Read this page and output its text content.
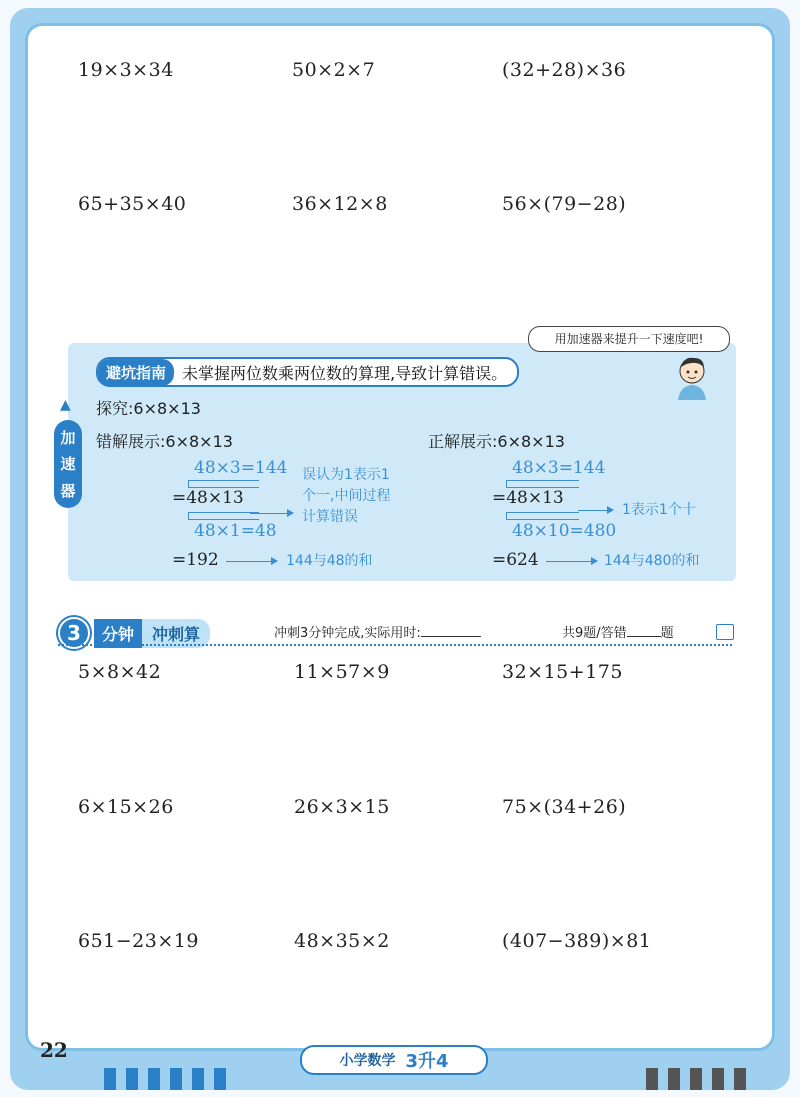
19×3×34	50×2×7	(32+28)×36
65+35×40	36×12×8	56×(79−28)
用加速器来提升一下速度吧!
避坑指南	未掌握两位数乘两位数的算理,导致计算错误。
▲
加
速
器
探究:6×8×13
错解展示:6×8×13
48×3=144
=48×13
48×1=48
误认为1表示1
个一,中间过程
计算错误
=192	144与48的和
正解展示:6×8×13
48×3=144
=48×13
48×10=480
1表示1个十
=624	144与480的和
3	分钟	冲刺算	冲刺3分钟完成,实际用时:	共9题/答错	题
5×8×42	11×57×9	32×15+175
6×15×26	26×3×15	75×(34+26)
651−23×19	48×35×2	(407−389)×81
22	小学数学 3升4
